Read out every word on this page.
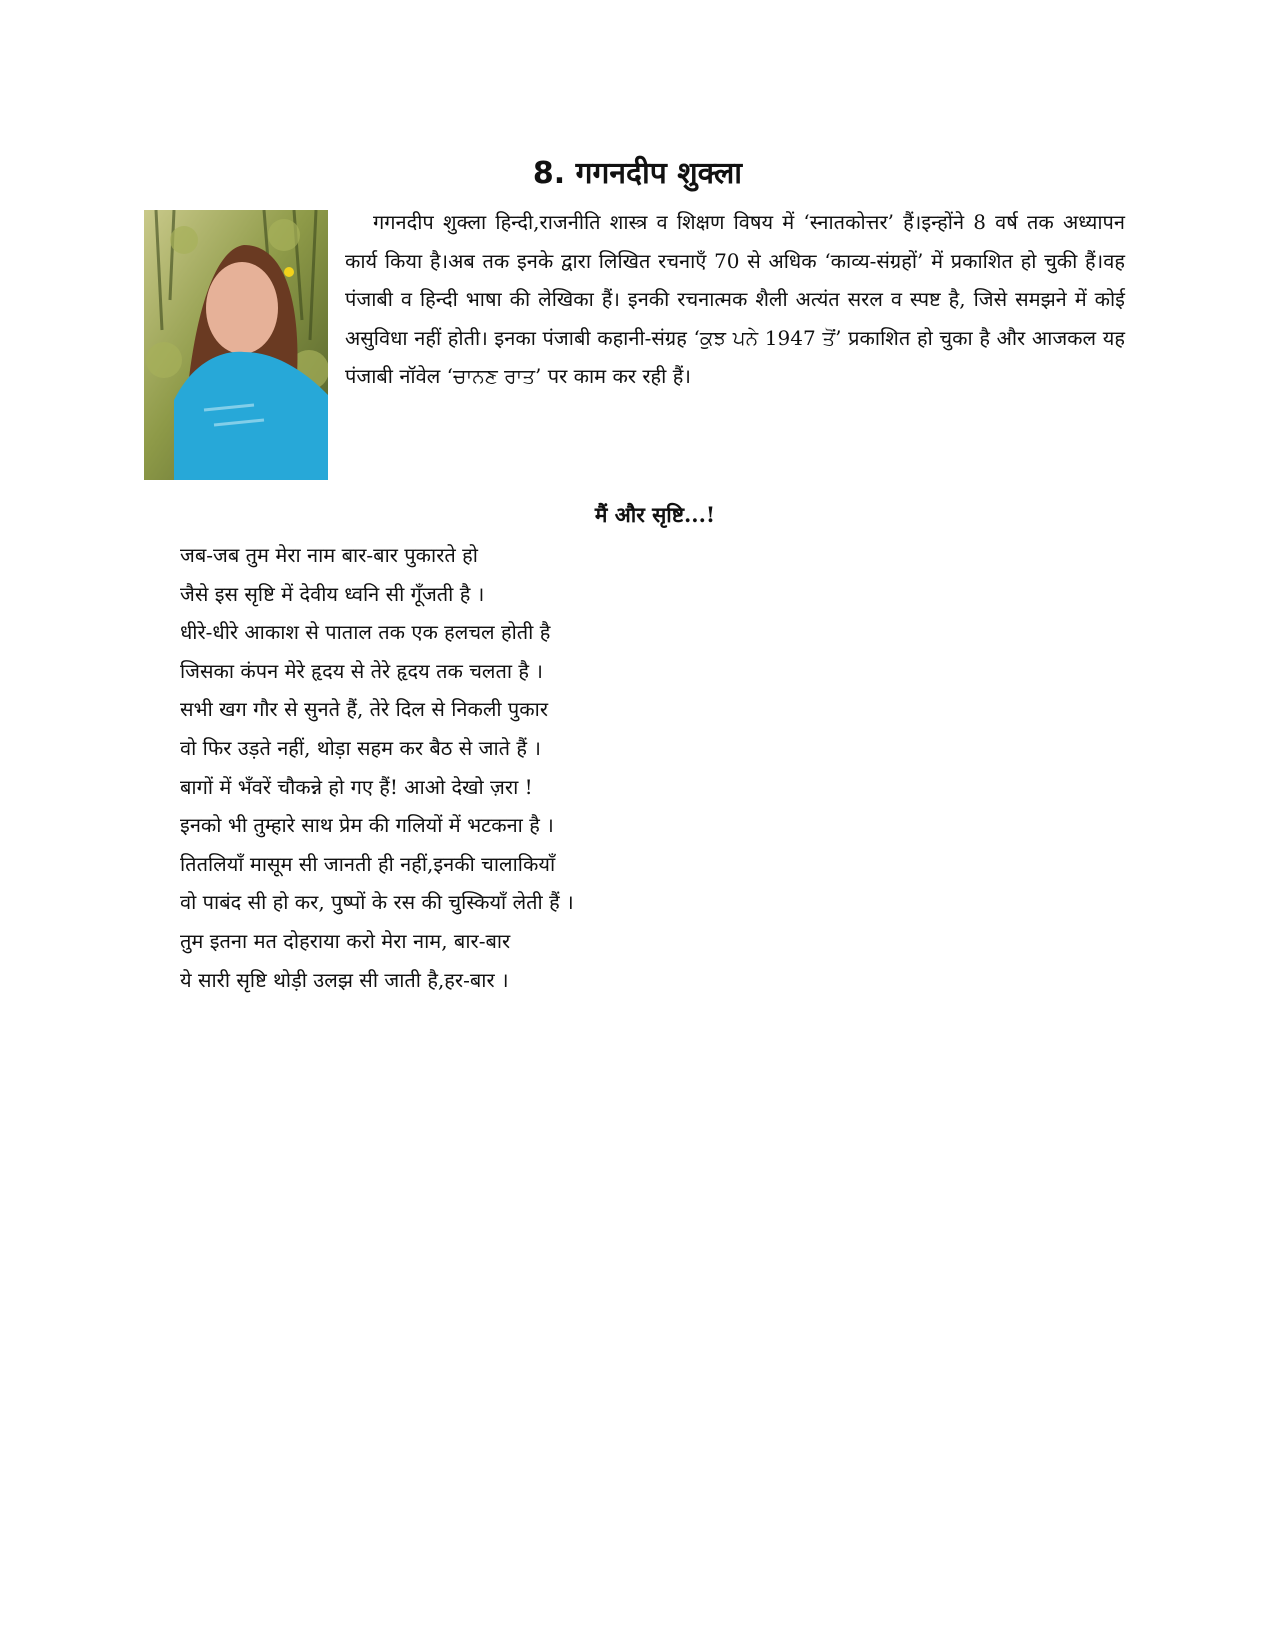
8. गगनदीप शुक्ला

गगनदीप शुक्ला हिन्दी,राजनीति शास्त्र व शिक्षण विषय में ‘स्नातकोत्तर’ हैं।इन्होंने 8 वर्ष तक अध्यापन कार्य किया है।अब तक इनके द्वारा लिखित रचनाएँ 70 से अधिक ‘काव्य-संग्रहों’ में प्रकाशित हो चुकी हैं।वह पंजाबी व हिन्दी भाषा की लेखिका हैं। इनकी रचनात्मक शैली अत्यंत सरल व स्पष्ट है, जिसे समझने में कोई असुविधा नहीं होती। इनका पंजाबी कहानी-संग्रह ‘ਕੁਝ ਪਨੇ 1947 ਤੋਂ’ प्रकाशित हो चुका है और आजकल यह पंजाबी नॉवेल ‘ਚਾਨਣ ਰਾਤ’ पर काम कर रही हैं।

मैं और सृष्टि...!
जब-जब तुम मेरा नाम बार-बार पुकारते हो
जैसे इस सृष्टि में देवीय ध्वनि सी गूँजती है ।
धीरे-धीरे आकाश से पाताल तक एक हलचल होती है
जिसका कंपन मेरे हृदय से तेरे हृदय तक चलता है ।
सभी खग गौर से सुनते हैं, तेरे दिल से निकली पुकार
वो फिर उड़ते नहीं, थोड़ा सहम कर बैठ से जाते हैं ।
बागों में भँवरें चौकन्ने हो गए हैं! आओ देखो ज़रा !
इनको भी तुम्हारे साथ प्रेम की गलियों में भटकना है ।
तितलियाँ मासूम सी जानती ही नहीं,इनकी चालाकियाँ
वो पाबंद सी हो कर, पुष्पों के रस की चुस्कियाँ लेती हैं ।
तुम इतना मत दोहराया करो मेरा नाम, बार-बार
ये सारी सृष्टि थोड़ी उलझ सी जाती है,हर-बार ।
